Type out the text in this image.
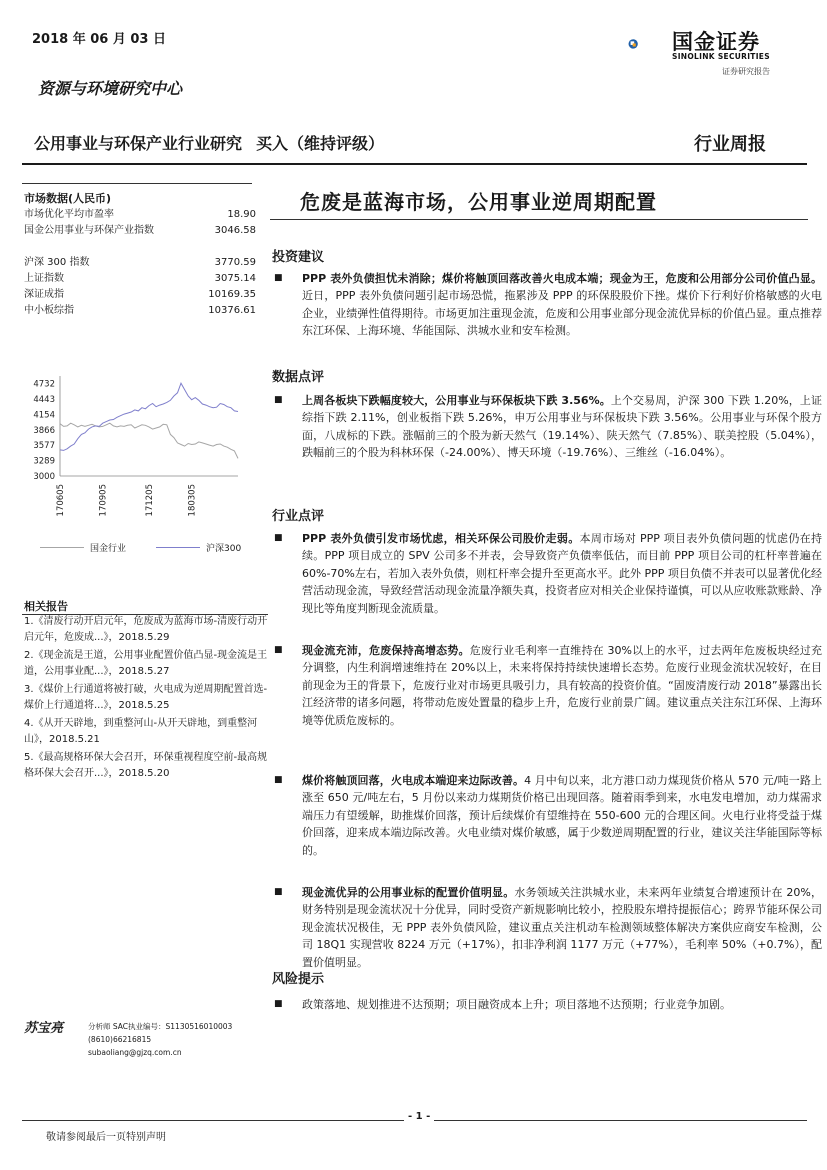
2018 年 06 月 03 日	国金证券
SINOLINK SECURITIES
证券研究报告
资源与环境研究中心
公用事业与环保产业行业研究 买入（维持评级）	行业周报
市场数据(人民币)
市场优化平均市盈率	18.90
国金公用事业与环保产业指数	3046.58
沪深 300 指数	3770.59
上证指数	3075.14
深证成指	10169.35
中小板综指	10376.61
4732
4443
4154
3866
3577
3289
3000
170605	170905	171205	180305
国金行业	沪深300
相关报告

1.《清废行动开启元年，危废成为蓝海市场-清废行动开启元年，危废成...》，2018.5.29

2.《现金流是王道，公用事业配置价值凸显-现金流是王道，公用事业配...》，2018.5.27

3.《煤价上行通道将被打破，火电成为逆周期配置首选-煤价上行通道将...》，2018.5.25

4.《从开天辟地，到重整河山-从开天辟地，到重整河山》，2018.5.21

5.《最高规格环保大会召开，环保重视程度空前-最高规格环保大会召开...》，2018.5.20

苏宝亮	分析师 SAC执业编号：S1130516010003
(8610)66216815
subaoliang@gjzq.com.cn
危废是蓝海市场，公用事业逆周期配置
投资建议
■ PPP 表外负债担忧未消除；煤价将触顶回落改善火电成本端；现金为王，危废和公用部分公司价值凸显。近日，PPP 表外负债问题引起市场恐慌，拖累涉及 PPP 的环保股股价下挫。煤价下行利好价格敏感的火电企业，业绩弹性值得期待。市场更加注重现金流，危废和公用事业部分现金流优异标的价值凸显。重点推荐东江环保、上海环境、华能国际、洪城水业和安车检测。
数据点评
■ 上周各板块下跌幅度较大，公用事业与环保板块下跌 3.56%。上个交易周，沪深 300 下跌 1.20%，上证综指下跌 2.11%，创业板指下跌 5.26%，申万公用事业与环保板块下跌 3.56%。公用事业与环保个股方面，八成标的下跌。涨幅前三的个股为新天然气（19.14%）、陕天然气（7.85%）、联美控股（5.04%），跌幅前三的个股为科林环保（-24.00%）、博天环境（-19.76%）、三维丝（-16.04%）。
行业点评
■ PPP 表外负债引发市场忧虑，相关环保公司股价走弱。本周市场对 PPP 项目表外负债问题的忧虑仍在持续。PPP 项目成立的 SPV 公司多不并表，会导致资产负债率低估，而目前 PPP 项目公司的杠杆率普遍在 60%-70%左右，若加入表外负债，则杠杆率会提升至更高水平。此外 PPP 项目负债不并表可以显著优化经营活动现金流，导致经营活动现金流量净额失真，投资者应对相关企业保持谨慎，可以从应收账款账龄、净现比等角度判断现金流质量。
■ 现金流充沛，危废保持高增态势。危废行业毛利率一直维持在 30%以上的水平，过去两年危废板块经过充分调整，内生利润增速维持在 20%以上，未来将保持持续快速增长态势。危废行业现金流状况较好，在目前现金为王的背景下，危废行业对市场更具吸引力，具有较高的投资价值。“固废清废行动 2018”暴露出长江经济带的诸多问题，将带动危废处置量的稳步上升，危废行业前景广阔。建议重点关注东江环保、上海环境等优质危废标的。
■ 煤价将触顶回落，火电成本端迎来边际改善。4 月中旬以来，北方港口动力煤现货价格从 570 元/吨一路上涨至 650 元/吨左右，5 月份以来动力煤期货价格已出现回落。随着雨季到来，水电发电增加，动力煤需求端压力有望缓解，助推煤价回落，预计后续煤价有望维持在 550-600 元的合理区间。火电行业将受益于煤价回落，迎来成本端边际改善。火电业绩对煤价敏感，属于少数逆周期配置的行业，建议关注华能国际等标的。
■ 现金流优异的公用事业标的配置价值明显。水务领域关注洪城水业，未来两年业绩复合增速预计在 20%，财务特别是现金流状况十分优异，同时受资产新规影响比较小，控股股东增持提振信心；跨界节能环保公司现金流状况极佳，无 PPP 表外负债风险，建议重点关注机动车检测领域整体解决方案供应商安车检测，公司 18Q1 实现营收 8224 万元（+17%），扣非净利润 1177 万元（+77%），毛利率 50%（+0.7%），配置价值明显。
风险提示
■ 政策落地、规划推进不达预期；项目融资成本上升；项目落地不达预期；行业竞争加剧。
- 1 -
敬请参阅最后一页特别声明
